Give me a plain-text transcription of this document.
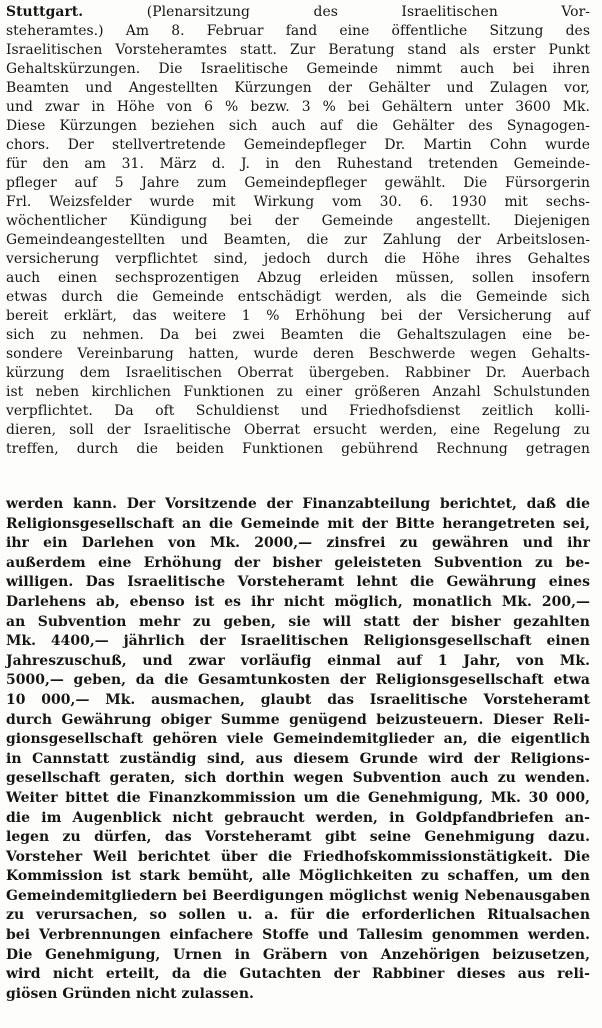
Stuttgart.	(Plenarsitzung des Israelitischen Vor-
steheramtes.) Am 8. Februar fand eine öffentliche Sitzung des
Israelitischen Vorsteheramtes statt. Zur Beratung stand als erster Punkt
Gehaltskürzungen. Die Israelitische Gemeinde nimmt auch bei ihren
Beamten und Angestellten Kürzungen der Gehälter und Zulagen vor,
und zwar in Höhe von 6 % bezw. 3 % bei Gehältern unter 3600 Mk.
Diese Kürzungen beziehen sich auch auf die Gehälter des Synagogen-
chors. Der stellvertretende Gemeindepfleger Dr. Martin Cohn wurde
für den am 31. März d. J. in den Ruhestand tretenden Gemeinde-
pfleger auf 5 Jahre zum Gemeindepfleger gewählt. Die Fürsorgerin
Frl. Weizsfelder wurde mit Wirkung vom 30. 6. 1930 mit sechs-
wöchentlicher Kündigung bei der Gemeinde angestellt. Diejenigen
Gemeindeangestellten und Beamten, die zur Zahlung der Arbeitslosen-
versicherung verpflichtet sind, jedoch durch die Höhe ihres Gehaltes
auch einen sechsprozentigen Abzug erleiden müssen, sollen insofern
etwas durch die Gemeinde entschädigt werden, als die Gemeinde sich
bereit erklärt, das weitere 1 % Erhöhung bei der Versicherung auf
sich zu nehmen. Da bei zwei Beamten die Gehaltszulagen eine be-
sondere Vereinbarung hatten, wurde deren Beschwerde wegen Gehalts-
kürzung dem Israelitischen Oberrat übergeben. Rabbiner Dr. Auerbach
ist neben kirchlichen Funktionen zu einer größeren Anzahl Schulstunden
verpflichtet. Da oft Schuldienst und Friedhofsdienst zeitlich kolli-
dieren, soll der Israelitische Oberrat ersucht werden, eine Regelung zu
treffen, durch die beiden Funktionen gebührend Rechnung getragen
werden kann. Der Vorsitzende der Finanzabteilung berichtet, daß die
Religionsgesellschaft an die Gemeinde mit der Bitte herangetreten sei,
ihr ein Darlehen von Mk. 2000,— zinsfrei zu gewähren und ihr
außerdem eine Erhöhung der bisher geleisteten Subvention zu be-
willigen. Das Israelitische Vorsteheramt lehnt die Gewährung eines
Darlehens ab, ebenso ist es ihr nicht möglich, monatlich Mk. 200,—
an Subvention mehr zu geben, sie will statt der bisher gezahlten
Mk. 4400,— jährlich der Israelitischen Religionsgesellschaft einen
Jahreszuschuß, und zwar vorläufig einmal auf 1 Jahr, von Mk.
5000,— geben, da die Gesamtunkosten der Religionsgesellschaft etwa
10 000,— Mk. ausmachen, glaubt das Israelitische Vorsteheramt
durch Gewährung obiger Summe genügend beizusteuern. Dieser Reli-
gionsgesellschaft gehören viele Gemeindemitglieder an, die eigentlich
in Cannstatt zuständig sind, aus diesem Grunde wird der Religions-
gesellschaft geraten, sich dorthin wegen Subvention auch zu wenden.
Weiter bittet die Finanzkommission um die Genehmigung, Mk. 30 000,
die im Augenblick nicht gebraucht werden, in Goldpfandbriefen an-
legen zu dürfen, das Vorsteheramt gibt seine Genehmigung dazu.
Vorsteher Weil berichtet über die Friedhofskommissionstätigkeit. Die
Kommission ist stark bemüht, alle Möglichkeiten zu schaffen, um den
Gemeindemitgliedern bei Beerdigungen möglichst wenig Nebenausgaben
zu verursachen, so sollen u. a. für die erforderlichen Ritualsachen
bei Verbrennungen einfachere Stoffe und Tallesim genommen werden.
Die Genehmigung, Urnen in Gräbern von Anzehörigen beizusetzen,
wird nicht erteilt, da die Gutachten der Rabbiner dieses aus reli-
giösen Gründen nicht zulassen.
